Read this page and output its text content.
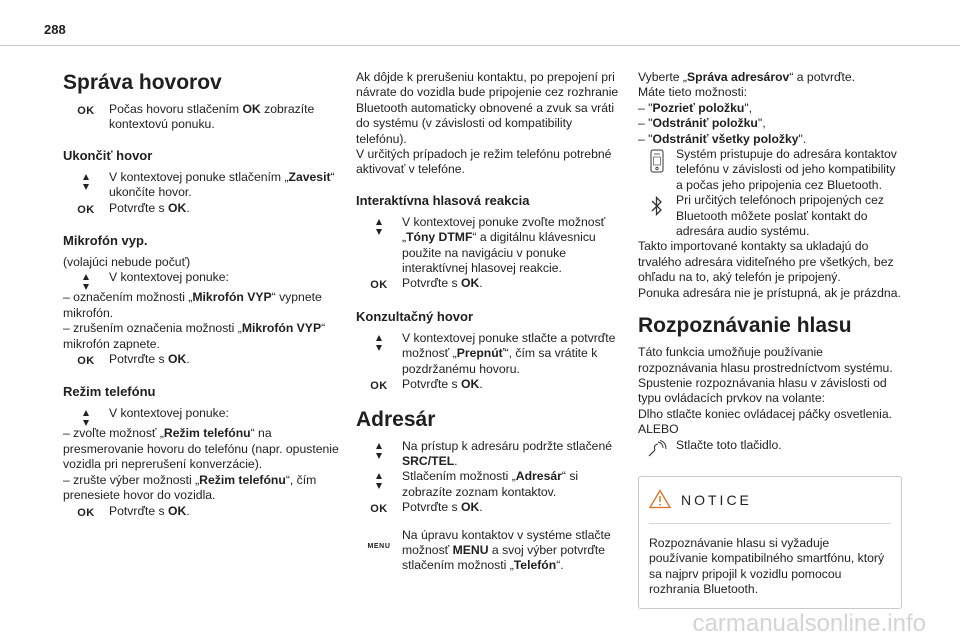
288
Správa hovorov
OK Počas hovoru stlačením OK zobrazíte kontextovú ponuku.

Ukončiť hovor

V kontextovej ponuke stlačením „Zavesit“ ukončíte hovor.

OK Potvrďte s OK.

Mikrofón vyp.

(volajúci nebude počuť)

V kontextovej ponuke:

– označením možnosti „Mikrofón VYP“ vypnete mikrofón.

– zrušením označenia možnosti „Mikrofón VYP“ mikrofón zapnete.

OK Potvrďte s OK.

Režim telefónu

V kontextovej ponuke:

– zvoľte možnosť „Režim telefónu“ na presmerovanie hovoru do telefónu (napr. opustenie vozidla pri neprerušení konverzácie).

– zrušte výber možnosti „Režim telefónu“, čím prenesiete hovor do vozidla.

OK Potvrďte s OK.

Ak dôjde k prerušeniu kontaktu, po prepojení pri návrate do vozidla bude pripojenie cez rozhranie Bluetooth automaticky obnovené a zvuk sa vráti do systému (v závislosti od kompatibility telefónu).

V určitých prípadoch je režim telefónu potrebné aktivovať v telefóne.

Interaktívna hlasová reakcia

V kontextovej ponuke zvoľte možnosť „Tóny DTMF“ a digitálnu klávesnicu použite na navigáciu v ponuke interaktívnej hlasovej reakcie.

OK Potvrďte s OK.

Konzultačný hovor

V kontextovej ponuke stlačte a potvrďte možnosť „Prepnúť“, čím sa vrátite k pozdržanému hovoru.

OK Potvrďte s OK.

Adresár

Na prístup k adresáru podržte stlačené SRC/TEL.

Stlačením možnosti „Adresár“ si zobrazíte zoznam kontaktov.

OK Potvrďte s OK.

MENU

Na úpravu kontaktov v systéme stlačte možnosť MENU a svoj výber potvrďte stlačením možnosti „Telefón“.

Vyberte „Správa adresárov“ a potvrďte.

Máte tieto možnosti:

– "Pozrieť položku",

– "Odstrániť položku",

– "Odstrániť všetky položky".

Systém pristupuje do adresára kontaktov telefónu v závislosti od jeho kompatibility a počas jeho pripojenia cez Bluetooth.

Pri určitých telefónoch pripojených cez Bluetooth môžete poslať kontakt do adresára audio systému.

Takto importované kontakty sa ukladajú do trvalého adresára viditeľného pre všetkých, bez ohľadu na to, aký telefón je pripojený.

Ponuka adresára nie je prístupná, ak je prázdna.

Rozpoznávanie hlasu

Táto funkcia umožňuje používanie rozpoznávania hlasu prostredníctvom systému.

Spustenie rozpoznávania hlasu v závislosti od typu ovládacích prvkov na volante:

Dlho stlačte koniec ovládacej páčky osvetlenia.

ALEBO

Stlačte toto tlačidlo.

NOTICE

Rozpoznávanie hlasu si vyžaduje používanie kompatibilného smartfónu, ktorý sa najprv pripojil k vozidlu pomocou rozhrania Bluetooth.

carmanualsonline.info
